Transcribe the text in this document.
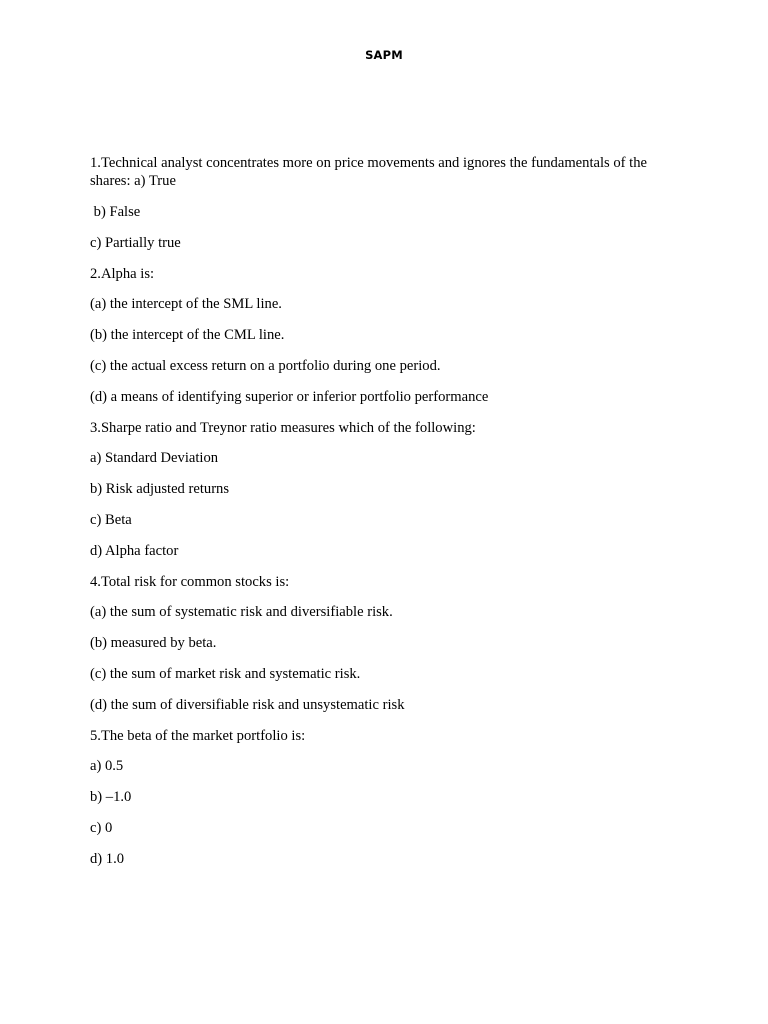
SAPM

1.Technical analyst concentrates more on price movements and ignores the fundamentals of the shares: a) True

b) False

c) Partially true

2.Alpha is:

(a) the intercept of the SML line.

(b) the intercept of the CML line.

(c) the actual excess return on a portfolio during one period.

(d) a means of identifying superior or inferior portfolio performance

3.Sharpe ratio and Treynor ratio measures which of the following:

a) Standard Deviation

b) Risk adjusted returns

c) Beta

d) Alpha factor

4.Total risk for common stocks is:

(a) the sum of systematic risk and diversifiable risk.

(b) measured by beta.

(c) the sum of market risk and systematic risk.

(d) the sum of diversifiable risk and unsystematic risk

5.The beta of the market portfolio is:

a) 0.5

b) –1.0

c) 0

d) 1.0
